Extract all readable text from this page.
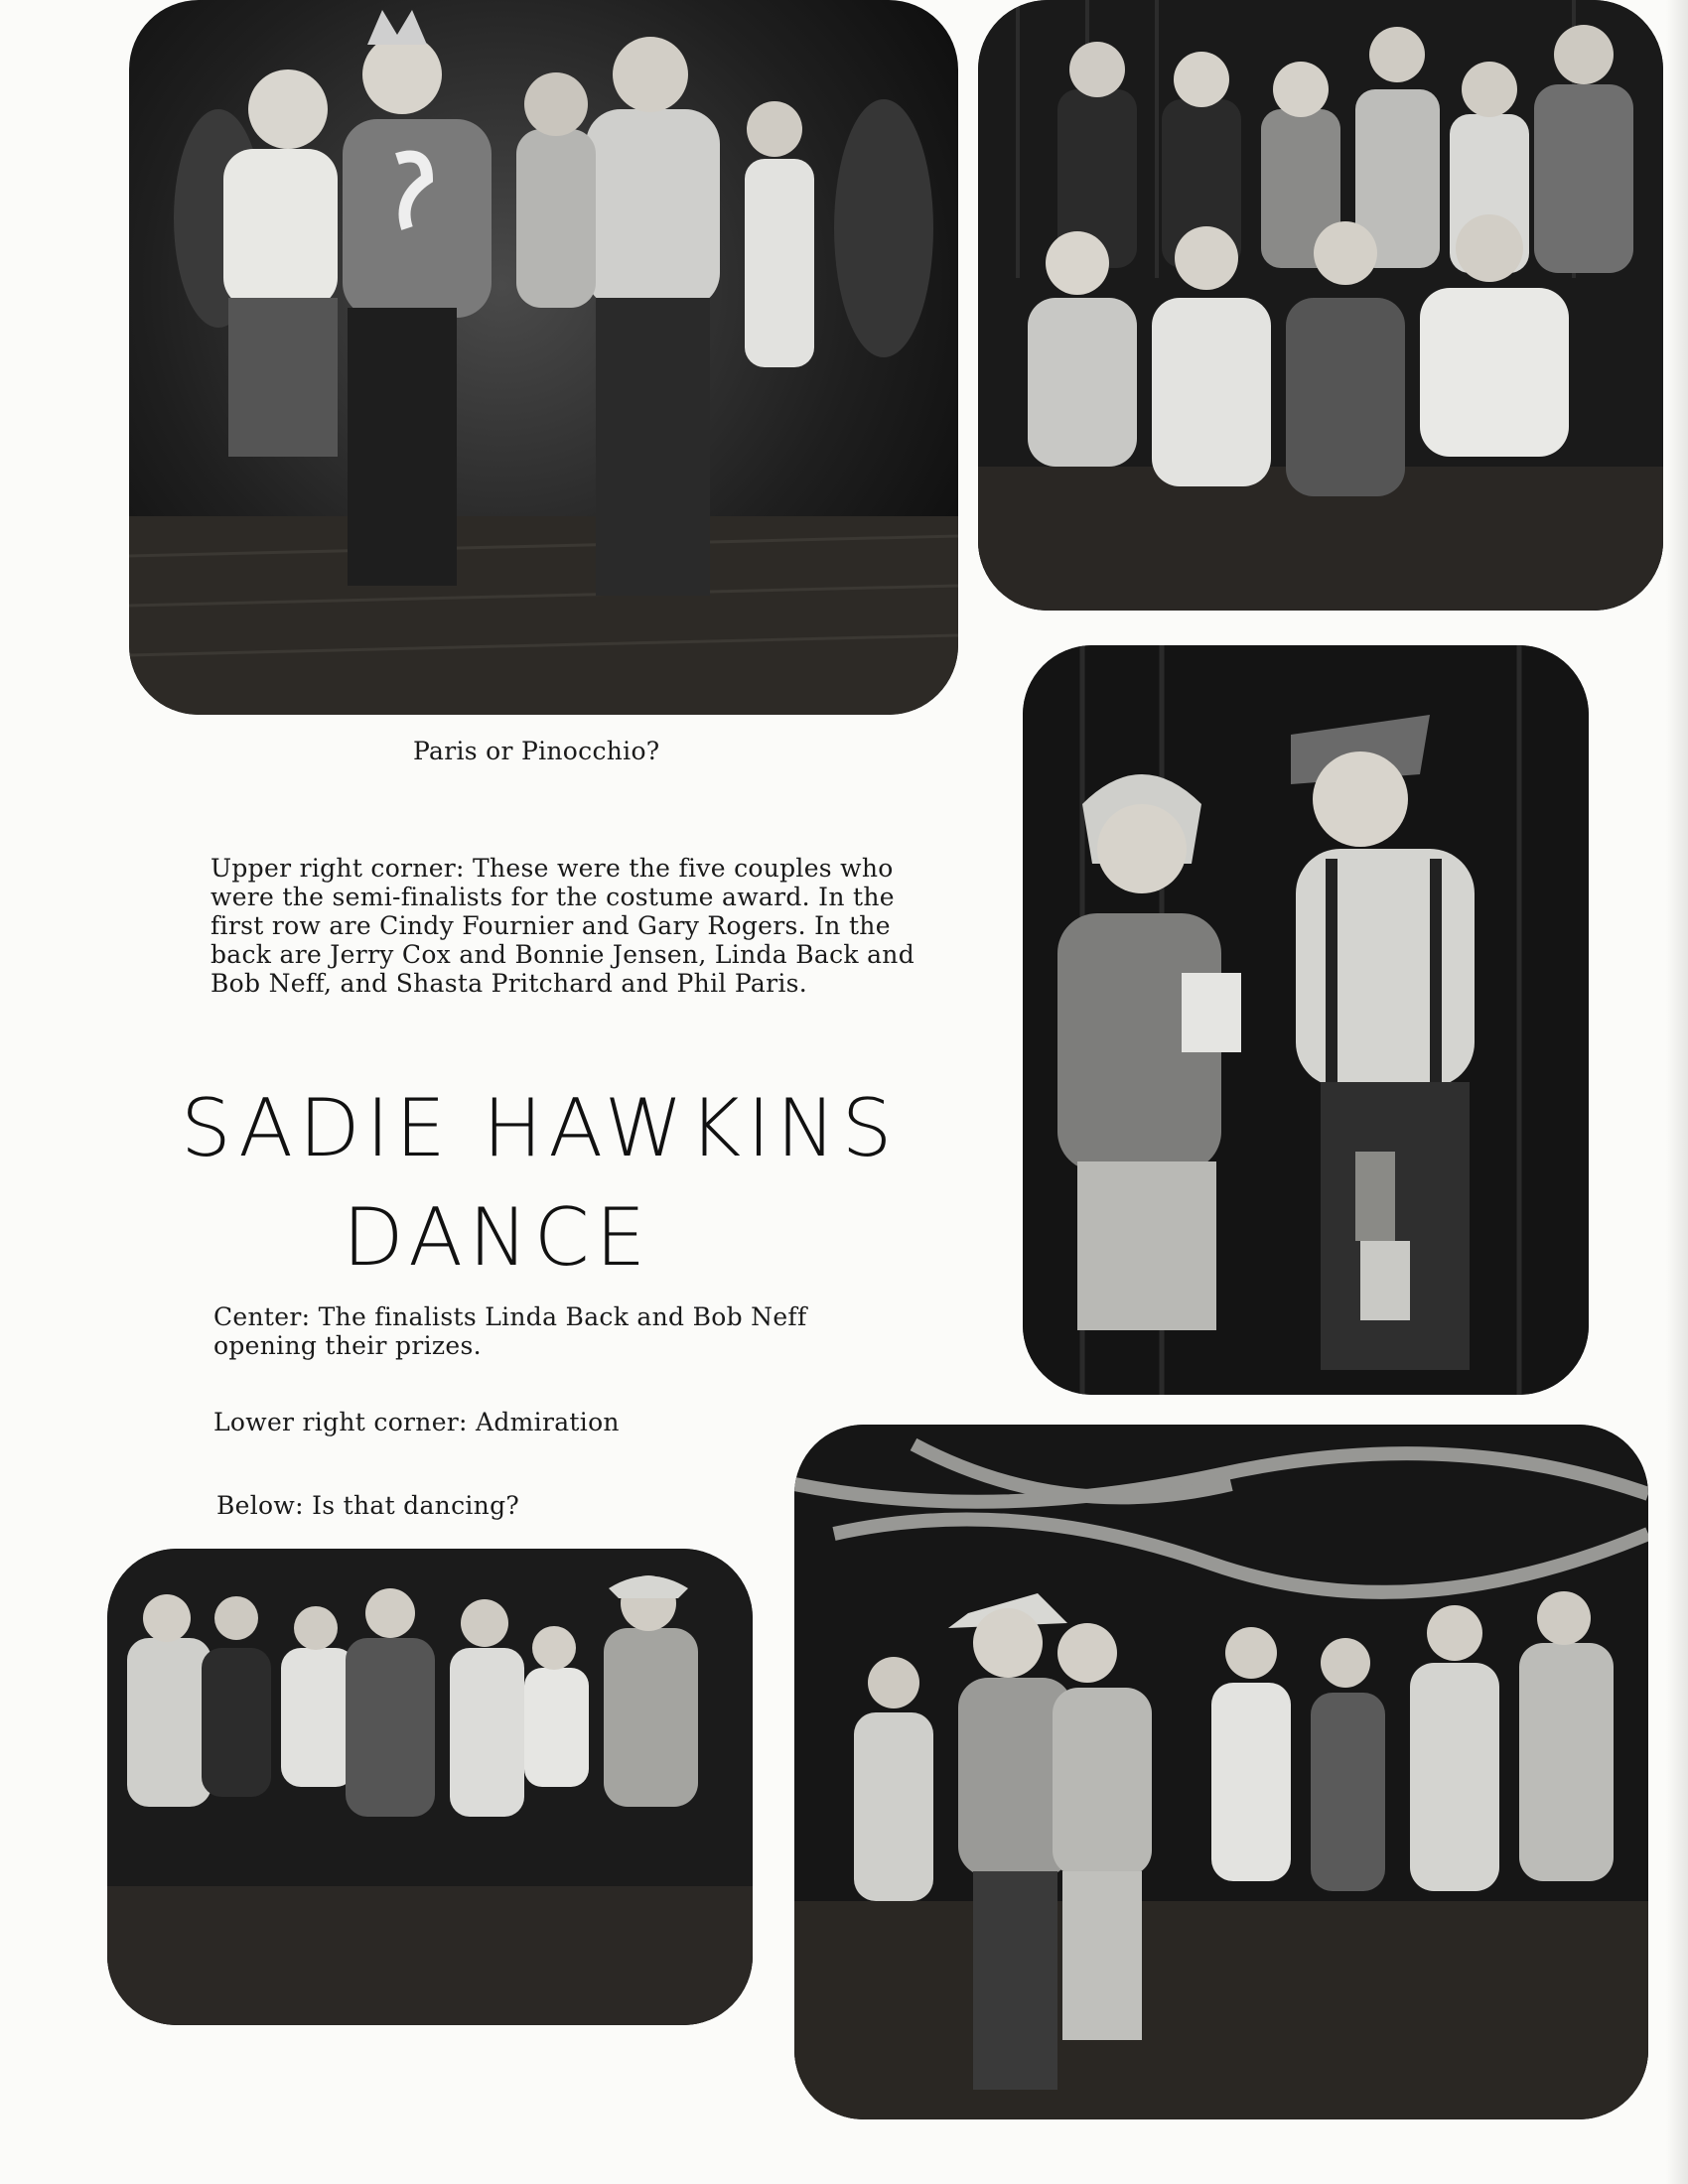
Paris or Pinocchio?
Upper right corner: These were the five couples who
were the semi-finalists for the costume award. In the
first row are Cindy Fournier and Gary Rogers. In the
back are Jerry Cox and Bonnie Jensen, Linda Back and
Bob Neff, and Shasta Pritchard and Phil Paris.
SADIE HAWKINS
DANCE
Center: The finalists Linda Back and Bob Neff
opening their prizes.
Lower right corner: Admiration
Below: Is that dancing?
